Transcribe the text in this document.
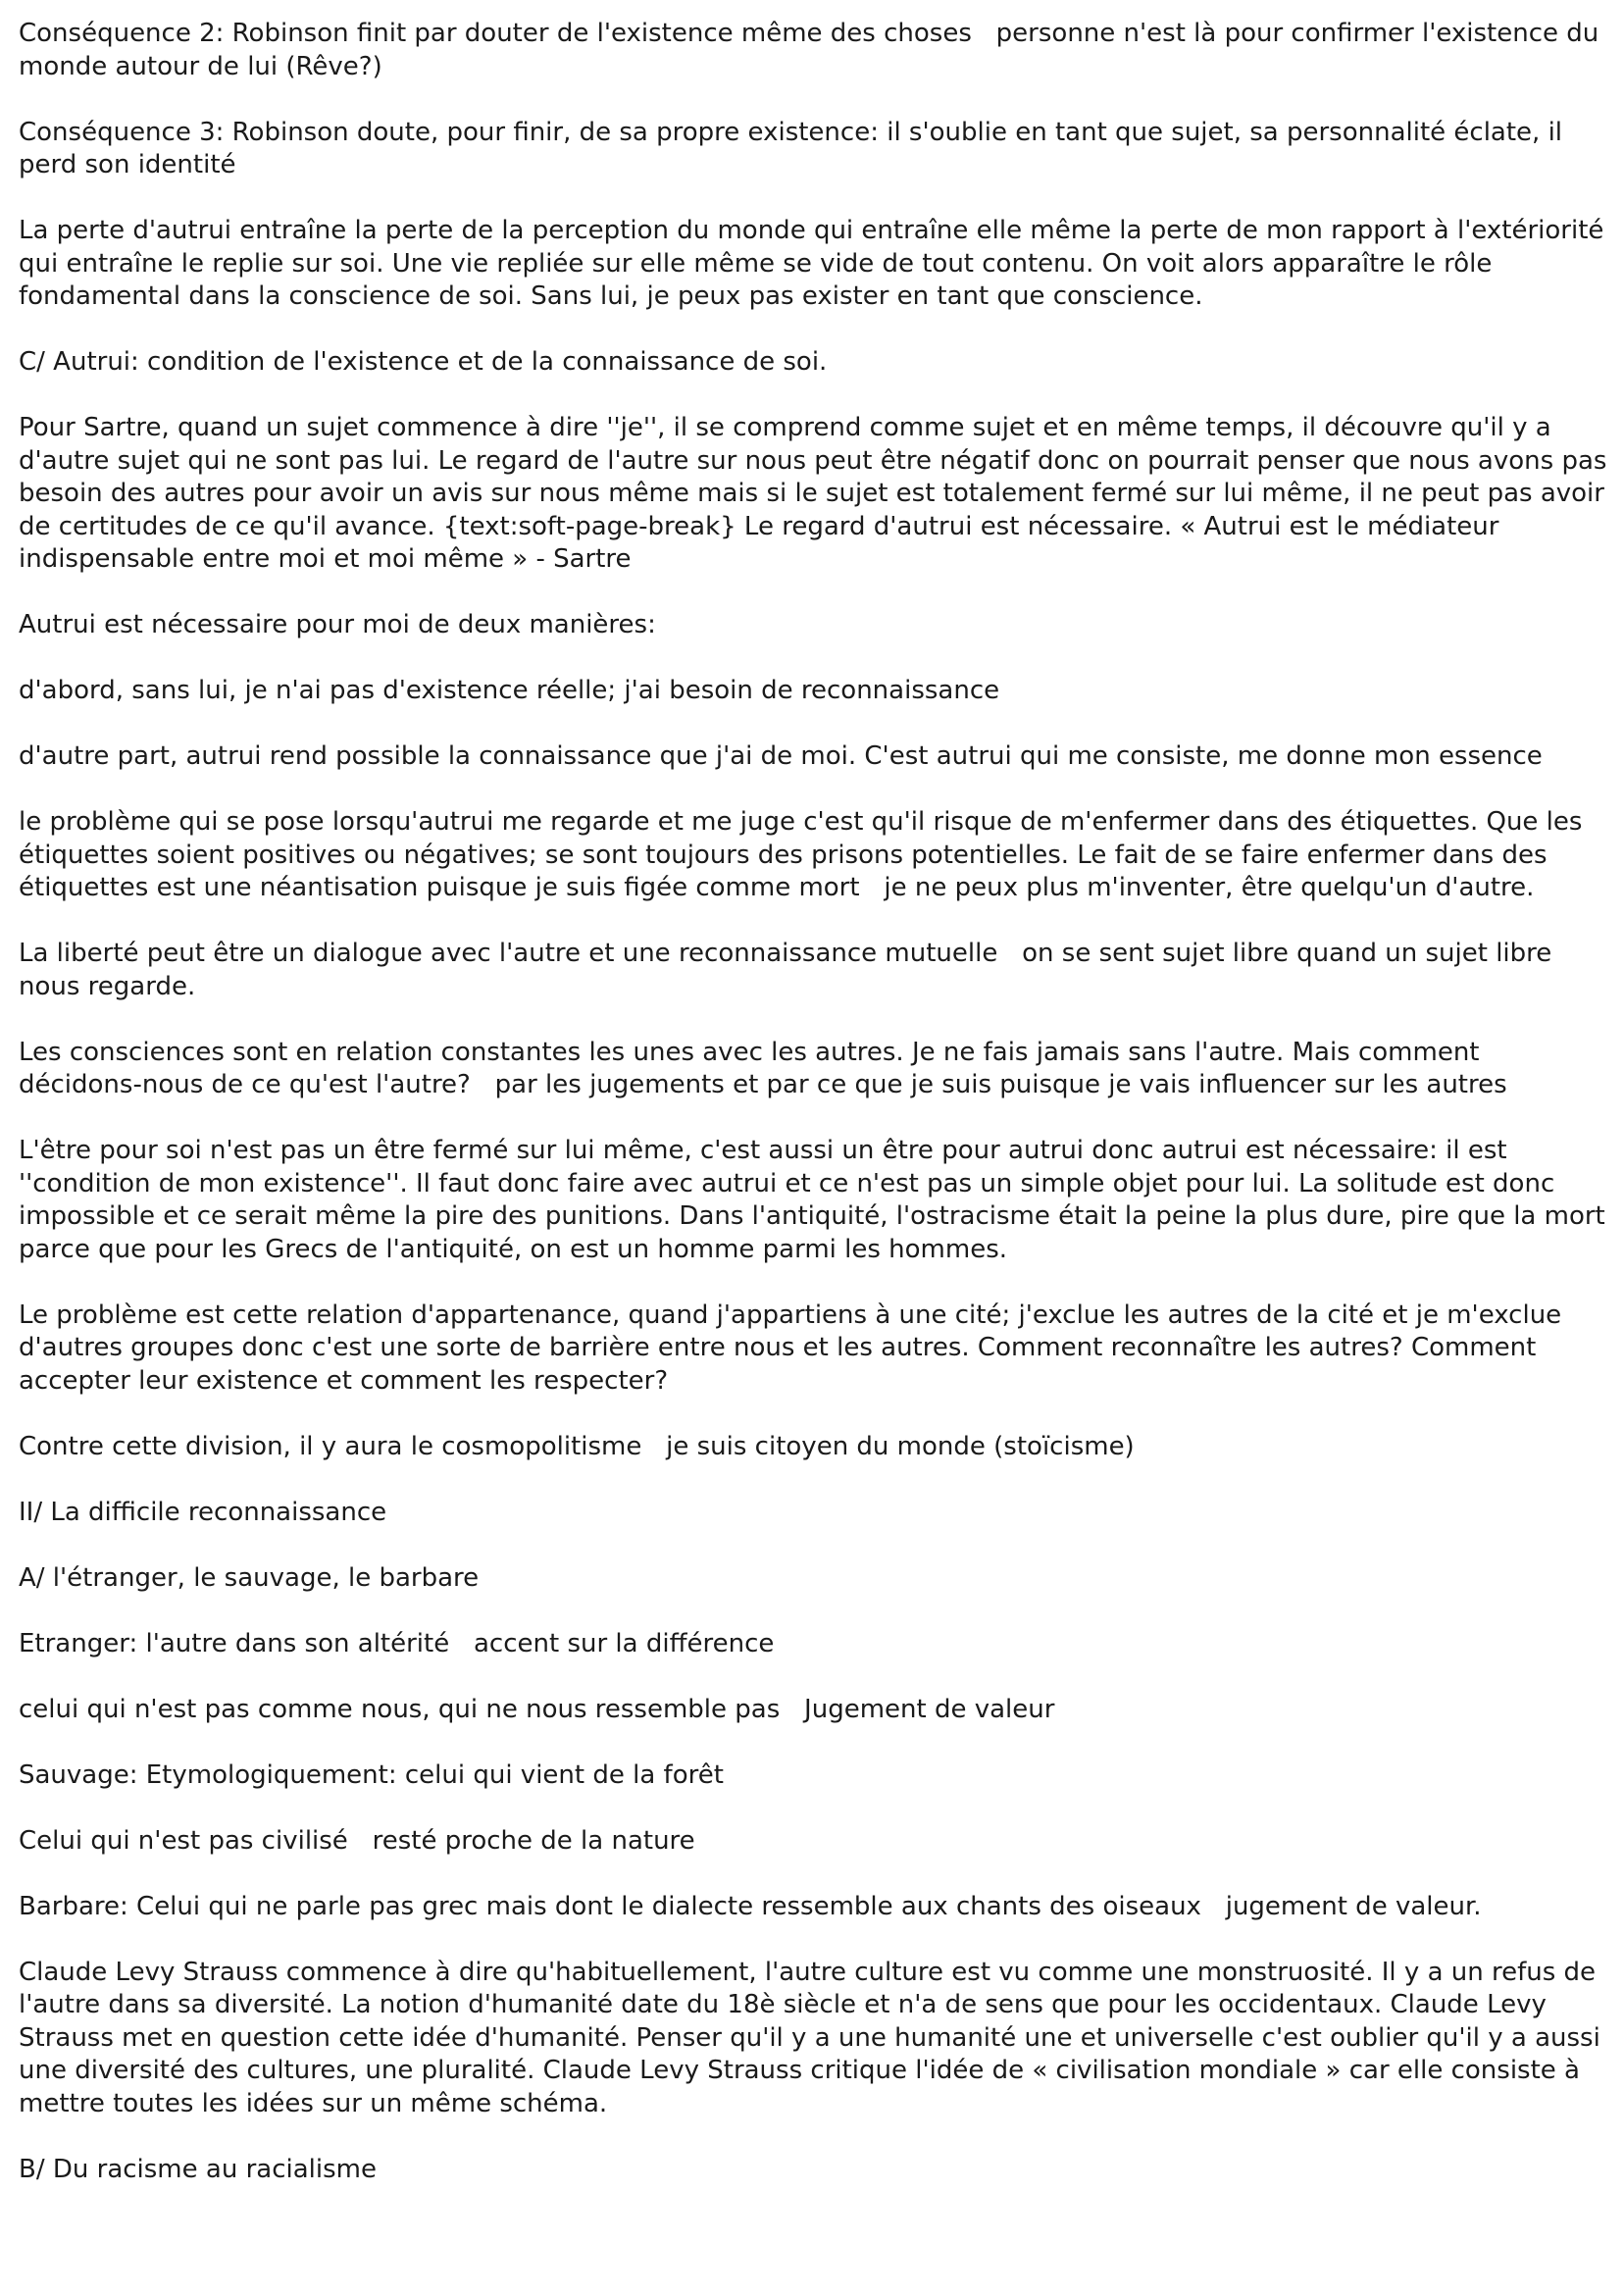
Conséquence 2: Robinson finit par douter de l'existence même des choses   personne n'est là pour confirmer l'existence du monde autour de lui (Rêve?)

Conséquence 3: Robinson doute, pour finir, de sa propre existence: il s'oublie en tant que sujet, sa personnalité éclate, il perd son identité

La perte d'autrui entraîne la perte de la perception du monde qui entraîne elle même la perte de mon rapport à l'extériorité qui entraîne le replie sur soi. Une vie repliée sur elle même se vide de tout contenu. On voit alors apparaître le rôle fondamental dans la conscience de soi. Sans lui, je peux pas exister en tant que conscience.

C/ Autrui: condition de l'existence et de la connaissance de soi.

Pour Sartre, quand un sujet commence à dire ''je'', il se comprend comme sujet et en même temps, il découvre qu'il y a d'autre sujet qui ne sont pas lui. Le regard de l'autre sur nous peut être négatif donc on pourrait penser que nous avons pas besoin des autres pour avoir un avis sur nous même mais si le sujet est totalement fermé sur lui même, il ne peut pas avoir de certitudes de ce qu'il avance. {text:soft-page-break} Le regard d'autrui est nécessaire. « Autrui est le médiateur indispensable entre moi et moi même » - Sartre

Autrui est nécessaire pour moi de deux manières:

d'abord, sans lui, je n'ai pas d'existence réelle; j'ai besoin de reconnaissance

d'autre part, autrui rend possible la connaissance que j'ai de moi. C'est autrui qui me consiste, me donne mon essence

le problème qui se pose lorsqu'autrui me regarde et me juge c'est qu'il risque de m'enfermer dans des étiquettes. Que les étiquettes soient positives ou négatives; se sont toujours des prisons potentielles. Le fait de se faire enfermer dans des étiquettes est une néantisation puisque je suis figée comme mort   je ne peux plus m'inventer, être quelqu'un d'autre.

La liberté peut être un dialogue avec l'autre et une reconnaissance mutuelle   on se sent sujet libre quand un sujet libre nous regarde.

Les consciences sont en relation constantes les unes avec les autres. Je ne fais jamais sans l'autre. Mais comment décidons-nous de ce qu'est l'autre?   par les jugements et par ce que je suis puisque je vais influencer sur les autres

L'être pour soi n'est pas un être fermé sur lui même, c'est aussi un être pour autrui donc autrui est nécessaire: il est ''condition de mon existence''. Il faut donc faire avec autrui et ce n'est pas un simple objet pour lui. La solitude est donc impossible et ce serait même la pire des punitions. Dans l'antiquité, l'ostracisme était la peine la plus dure, pire que la mort parce que pour les Grecs de l'antiquité, on est un homme parmi les hommes.

Le problème est cette relation d'appartenance, quand j'appartiens à une cité; j'exclue les autres de la cité et je m'exclue d'autres groupes donc c'est une sorte de barrière entre nous et les autres. Comment reconnaître les autres? Comment accepter leur existence et comment les respecter?

Contre cette division, il y aura le cosmopolitisme   je suis citoyen du monde (stoïcisme)

II/ La difficile reconnaissance

A/ l'étranger, le sauvage, le barbare

Etranger: l'autre dans son altérité   accent sur la différence

celui qui n'est pas comme nous, qui ne nous ressemble pas   Jugement de valeur

Sauvage: Etymologiquement: celui qui vient de la forêt

Celui qui n'est pas civilisé   resté proche de la nature

Barbare: Celui qui ne parle pas grec mais dont le dialecte ressemble aux chants des oiseaux   jugement de valeur.

Claude Levy Strauss commence à dire qu'habituellement, l'autre culture est vu comme une monstruosité. Il y a un refus de l'autre dans sa diversité. La notion d'humanité date du 18è siècle et n'a de sens que pour les occidentaux. Claude Levy Strauss met en question cette idée d'humanité. Penser qu'il y a une humanité une et universelle c'est oublier qu'il y a aussi une diversité des cultures, une pluralité. Claude Levy Strauss critique l'idée de « civilisation mondiale » car elle consiste à mettre toutes les idées sur un même schéma.

B/ Du racisme au racialisme
